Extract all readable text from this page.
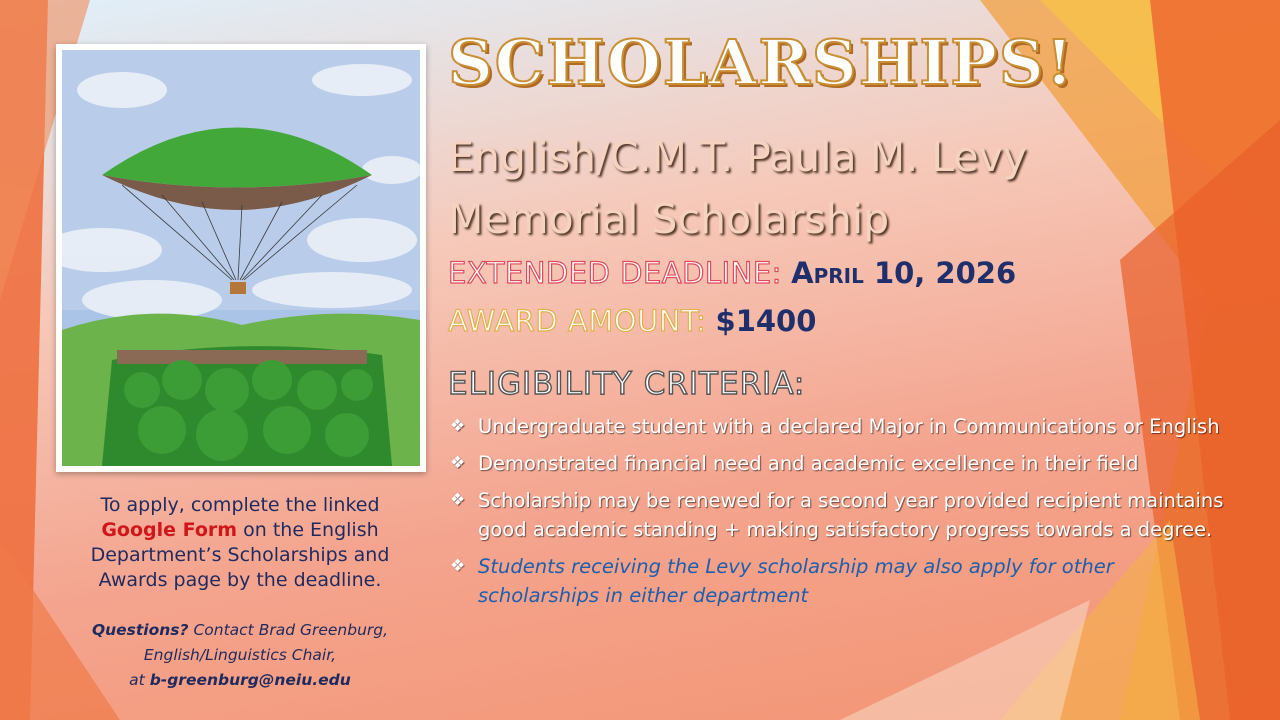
To apply, complete the linked
Google Form on the English Department’s Scholarships and Awards page by the deadline.
Questions? Contact Brad Greenburg,
English/Linguistics Chair,
at b-greenburg@neiu.edu
SCHOLARSHIPS!
English/C.M.T. Paula M. Levy
Memorial Scholarship
EXTENDED DEADLINE: April 10, 2026
AWARD AMOUNT: $1400
ELIGIBILITY CRITERIA:
❖ Undergraduate student with a declared Major in Communications or English
❖ Demonstrated financial need and academic excellence in their field
❖ Scholarship may be renewed for a second year provided recipient maintains good academic standing + making satisfactory progress towards a degree.
❖ Students receiving the Levy scholarship may also apply for other scholarships in either department
